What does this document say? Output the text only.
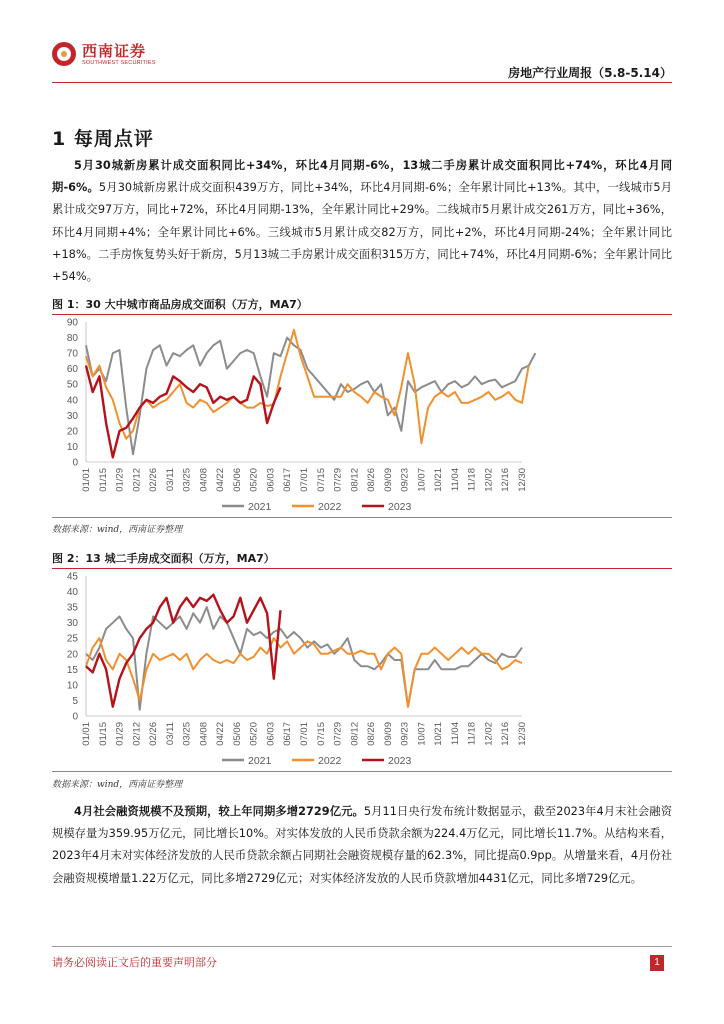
西南证券
SOUTHWEST SECURITIES
房地产行业周报（5.8-5.14）
1 每周点评
5月30城新房累计成交面积同比+34%，环比4月同期-6%，13城二手房累计成交面积同比+74%，环比4月同期-6%。5月30城新房累计成交面积439万方，同比+34%，环比4月同期-6%；全年累计同比+13%。其中，一线城市5月累计成交97万方，同比+72%，环比4月同期-13%，全年累计同比+29%。二线城市5月累计成交261万方，同比+36%，环比4月同期+4%；全年累计同比+6%。三线城市5月累计成交82万方，同比+2%，环比4月同期-24%；全年累计同比+18%。二手房恢复势头好于新房，5月13城二手房累计成交面积315万方，同比+74%，环比4月同期-6%；全年累计同比+54%。
图 1：30 大中城市商品房成交面积（万方，MA7）
0
10
20
30
40
50
60
70
80
90
01/01 01/15 01/29 02/12 02/26 03/11 03/25 04/08 04/22 05/06 05/20 06/03 06/17 07/01 07/15 07/29 08/12 08/26 09/09 09/23 10/07 10/21 11/04 11/18 12/02 12/16 12/30
2021	2022	2023
数据来源：wind，西南证券整理
图 2：13 城二手房成交面积（万方，MA7）
0
5
10
15
20
25
30
35
40
45
01/01 01/15 01/29 02/12 02/26 03/11 03/25 04/08 04/22 05/06 05/20 06/03 06/17 07/01 07/15 07/29 08/12 08/26 09/09 09/23 10/07 10/21 11/04 11/18 12/02 12/16 12/30
2021	2022	2023
数据来源：wind，西南证券整理
4月社会融资规模不及预期，较上年同期多增2729亿元。5月11日央行发布统计数据显示，截至2023年4月末社会融资规模存量为359.95万亿元，同比增长10%。对实体发放的人民币贷款余额为224.4万亿元，同比增长11.7%。从结构来看，2023年4月末对实体经济发放的人民币贷款余额占同期社会融资规模存量的62.3%，同比提高0.9pp。从增量来看，4月份社会融资规模增量1.22万亿元，同比多增2729亿元；对实体经济发放的人民币贷款增加4431亿元，同比多增729亿元。
请务必阅读正文后的重要声明部分	1
